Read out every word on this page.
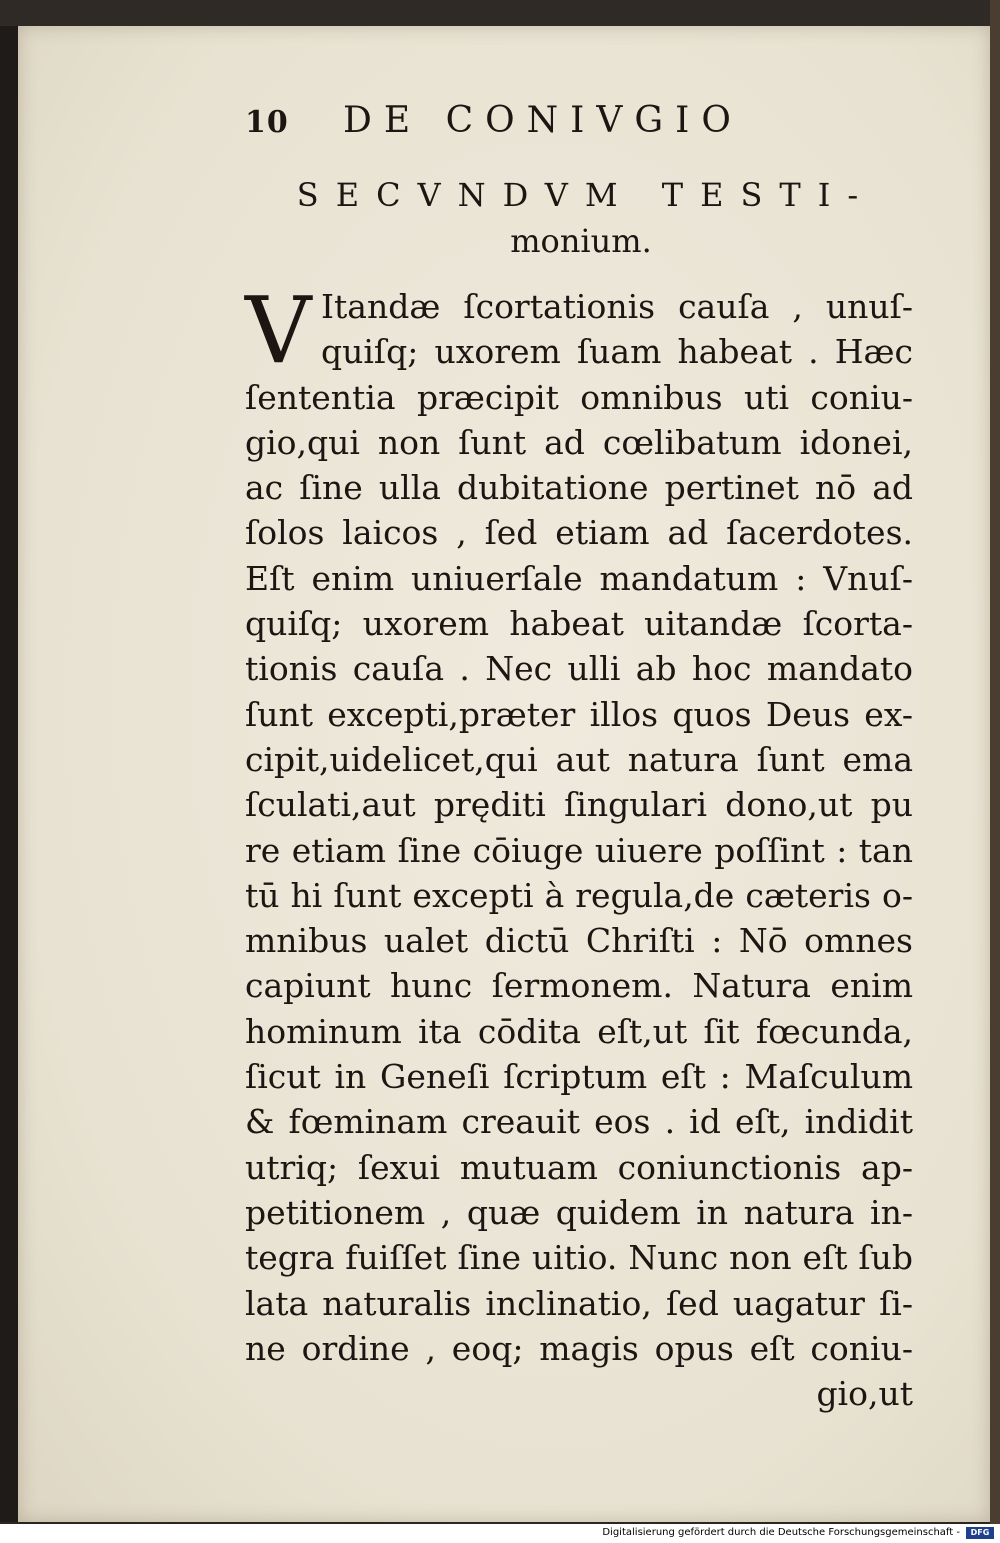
10	DE CONIVGIO
SECVNDVM TESTI-
monium.
V Itandæ ſcortationis cauſa , unuſ-
quiſq; uxorem ſuam habeat . Hæc
ſententia præcipit omnibus uti coniu-
gio,qui non ſunt ad cœlibatum idonei,
ac ſine ulla dubitatione pertinet nō ad
ſolos laicos , ſed etiam ad ſacerdotes.
Eſt enim uniuerſale mandatum : Vnuſ-
quiſq; uxorem habeat uitandæ ſcorta-
tionis cauſa . Nec ulli ab hoc mandato
ſunt excepti,præter illos quos Deus ex-
cipit,uidelicet,qui aut natura ſunt ema
ſculati,aut pręditi ſingulari dono,ut pu
re etiam ſine cōiuge uiuere poſſint : tan
tū hi ſunt excepti à regula,de cæteris o-
mnibus ualet dictū Chriſti : Nō omnes
capiunt hunc ſermonem. Natura enim
hominum ita cōdita eſt,ut ſit fœcunda,
ſicut in Geneſi ſcriptum eſt : Maſculum
& fœminam creauit eos . id eſt, indidit
utriq; ſexui mutuam coniunctionis ap-
petitionem , quæ quidem in natura in-
tegra fuiſſet ſine uitio. Nunc non eſt ſub
lata naturalis inclinatio, ſed uagatur ſi-
ne ordine , eoq; magis opus eſt coniu-
gio,ut
Digitalisierung gefördert durch die Deutsche Forschungsgemeinschaft -	DFG
